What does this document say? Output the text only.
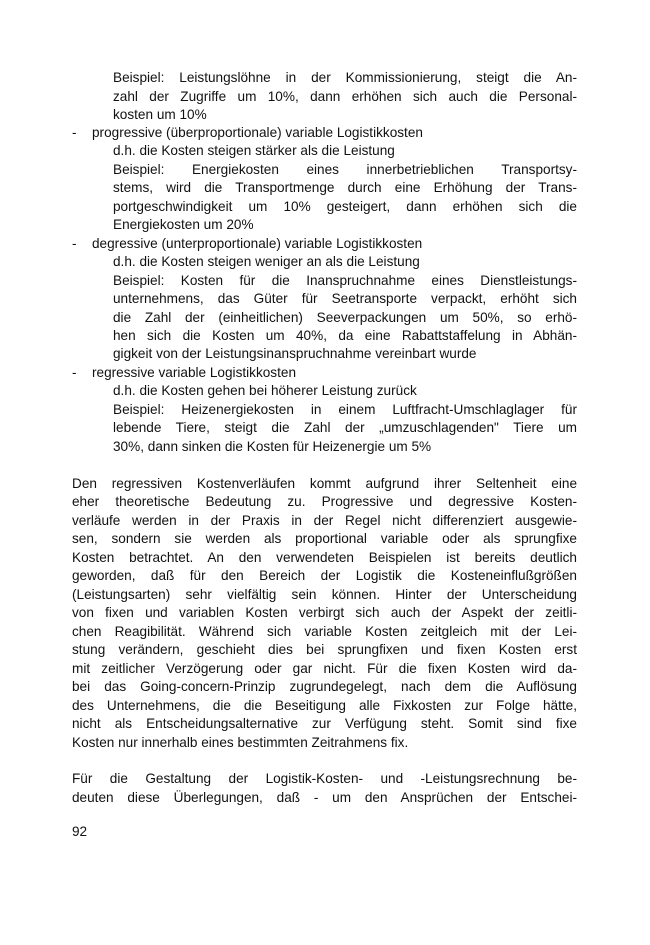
Beispiel: Leistungslöhne in der Kommissionierung, steigt die An-
zahl der Zugriffe um 10%, dann erhöhen sich auch die Personal-
kosten um 10%
- progressive (überproportionale) variable Logistikkosten
d.h. die Kosten steigen stärker als die Leistung
Beispiel: Energiekosten eines innerbetrieblichen Transportsy-
stems, wird die Transportmenge durch eine Erhöhung der Trans-
portgeschwindigkeit um 10% gesteigert, dann erhöhen sich die
Energiekosten um 20%
- degressive (unterproportionale) variable Logistikkosten
d.h. die Kosten steigen weniger an als die Leistung
Beispiel: Kosten für die Inanspruchnahme eines Dienstleistungs-
unternehmens, das Güter für Seetransporte verpackt, erhöht sich
die Zahl der (einheitlichen) Seeverpackungen um 50%, so erhö-
hen sich die Kosten um 40%, da eine Rabattstaffelung in Abhän-
gigkeit von der Leistungsinanspruchnahme vereinbart wurde
- regressive variable Logistikkosten
d.h. die Kosten gehen bei höherer Leistung zurück
Beispiel: Heizenergiekosten in einem Luftfracht-Umschlaglager für
lebende Tiere, steigt die Zahl der „umzuschlagenden" Tiere um
30%, dann sinken die Kosten für Heizenergie um 5%
Den regressiven Kostenverläufen kommt aufgrund ihrer Seltenheit eine
eher theoretische Bedeutung zu. Progressive und degressive Kosten-
verläufe werden in der Praxis in der Regel nicht differenziert ausgewie-
sen, sondern sie werden als proportional variable oder als sprungfixe
Kosten betrachtet. An den verwendeten Beispielen ist bereits deutlich
geworden, daß für den Bereich der Logistik die Kosteneinflußgrößen
(Leistungsarten) sehr vielfältig sein können. Hinter der Unterscheidung
von fixen und variablen Kosten verbirgt sich auch der Aspekt der zeitli-
chen Reagibilität. Während sich variable Kosten zeitgleich mit der Lei-
stung verändern, geschieht dies bei sprungfixen und fixen Kosten erst
mit zeitlicher Verzögerung oder gar nicht. Für die fixen Kosten wird da-
bei das Going-concern-Prinzip zugrundegelegt, nach dem die Auflösung
des Unternehmens, die die Beseitigung alle Fixkosten zur Folge hätte,
nicht als Entscheidungsalternative zur Verfügung steht. Somit sind fixe
Kosten nur innerhalb eines bestimmten Zeitrahmens fix.
Für die Gestaltung der Logistik-Kosten- und -Leistungsrechnung be-
deuten diese Überlegungen, daß - um den Ansprüchen der Entschei-
92
